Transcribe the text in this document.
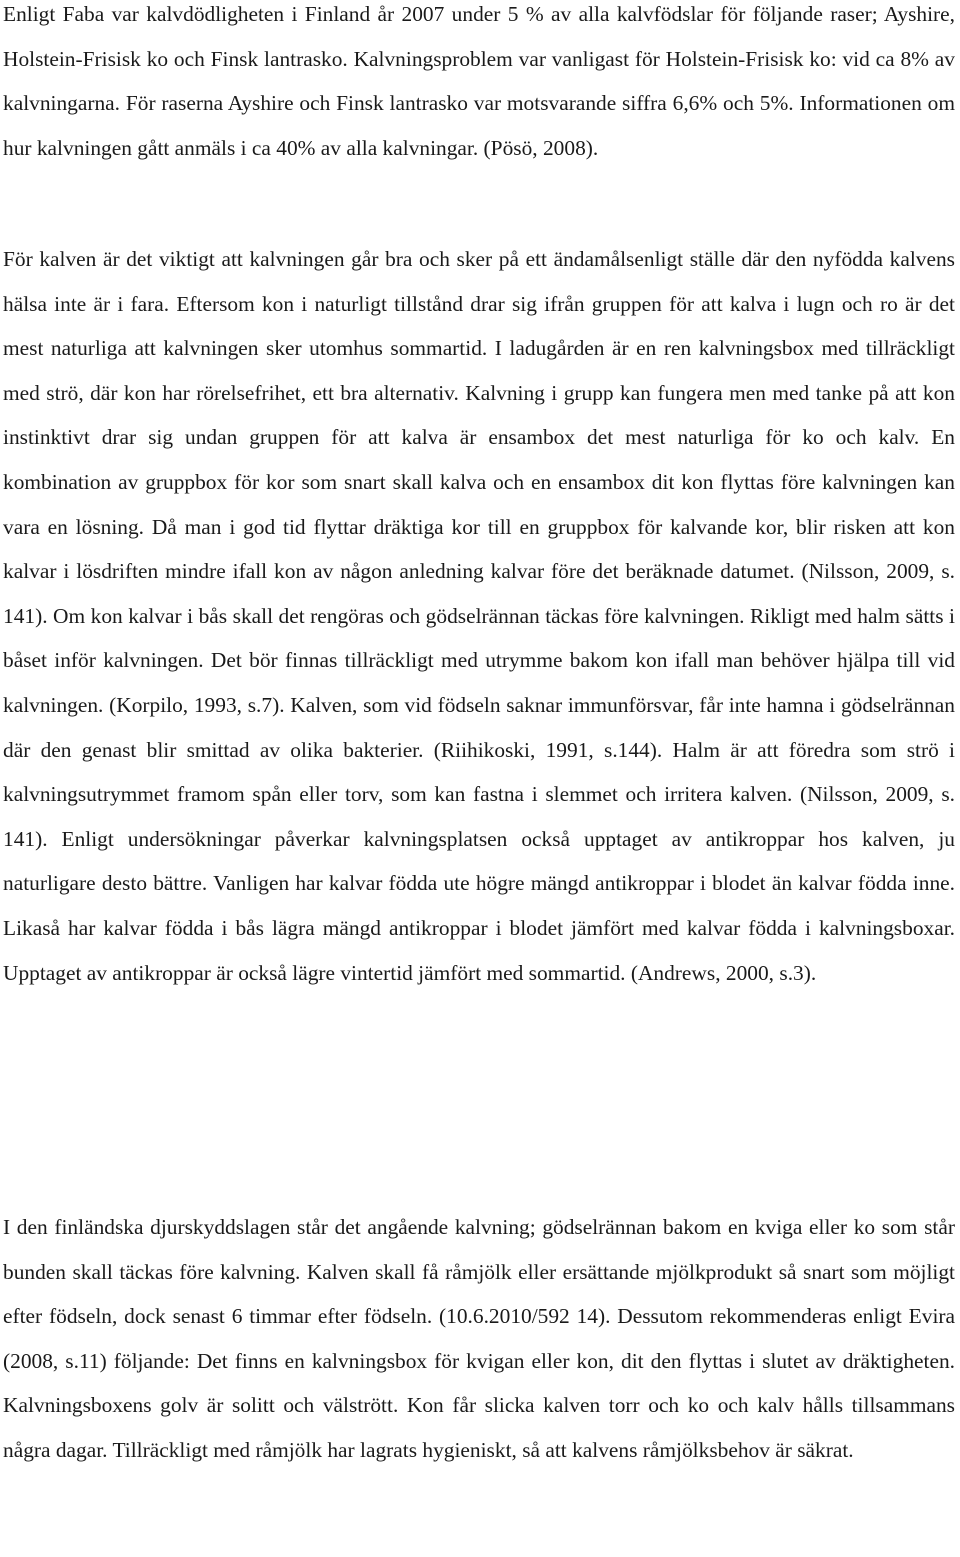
Enligt Faba var kalvdödligheten i Finland år 2007 under 5 % av alla kalvfödslar för följande raser; Ayshire, Holstein-Frisisk ko och Finsk lantrasko. Kalvningsproblem var vanligast för Holstein-Frisisk ko: vid ca 8% av kalvningarna. För raserna Ayshire och Finsk lantrasko var motsvarande siffra 6,6% och 5%. Informationen om hur kalvningen gått anmäls i ca 40% av alla kalvningar. (Pösö, 2008).

För kalven är det viktigt att kalvningen går bra och sker på ett ändamålsenligt ställe där den nyfödda kalvens hälsa inte är i fara. Eftersom kon i naturligt tillstånd drar sig ifrån gruppen för att kalva i lugn och ro är det mest naturliga att kalvningen sker utomhus sommartid. I ladugården är en ren kalvningsbox med tillräckligt med strö, där kon har rörelsefrihet, ett bra alternativ. Kalvning i grupp kan fungera men med tanke på att kon instinktivt drar sig undan gruppen för att kalva är ensambox det mest naturliga för ko och kalv. En kombination av gruppbox för kor som snart skall kalva och en ensambox dit kon flyttas före kalvningen kan vara en lösning. Då man i god tid flyttar dräktiga kor till en gruppbox för kalvande kor, blir risken att kon kalvar i lösdriften mindre ifall kon av någon anledning kalvar före det beräknade datumet. (Nilsson, 2009, s. 141). Om kon kalvar i bås skall det rengöras och gödselrännan täckas före kalvningen. Rikligt med halm sätts i båset inför kalvningen. Det bör finnas tillräckligt med utrymme bakom kon ifall man behöver hjälpa till vid kalvningen. (Korpilo, 1993, s.7). Kalven, som vid födseln saknar immunförsvar, får inte hamna i gödselrännan där den genast blir smittad av olika bakterier. (Riihikoski, 1991, s.144). Halm är att föredra som strö i kalvningsutrymmet framom spån eller torv, som kan fastna i slemmet och irritera kalven. (Nilsson, 2009, s. 141). Enligt undersökningar påverkar kalvningsplatsen också upptaget av antikroppar hos kalven, ju naturligare desto bättre. Vanligen har kalvar födda ute högre mängd antikroppar i blodet än kalvar födda inne. Likaså har kalvar födda i bås lägra mängd antikroppar i blodet jämfört med kalvar födda i kalvningsboxar. Upptaget av antikroppar är också lägre vintertid jämfört med sommartid. (Andrews, 2000, s.3).

I den finländska djurskyddslagen står det angående kalvning; gödselrännan bakom en kviga eller ko som står bunden skall täckas före kalvning. Kalven skall få råmjölk eller ersättande mjölkprodukt så snart som möjligt efter födseln, dock senast 6 timmar efter födseln. (10.6.2010/592 14). Dessutom rekommenderas enligt Evira (2008, s.11) följande: Det finns en kalvningsbox för kvigan eller kon, dit den flyttas i slutet av dräktigheten. Kalvningsboxens golv är solitt och välstrött. Kon får slicka kalven torr och ko och kalv hålls tillsammans några dagar. Tillräckligt med råmjölk har lagrats hygieniskt, så att kalvens råmjölksbehov är säkrat.
